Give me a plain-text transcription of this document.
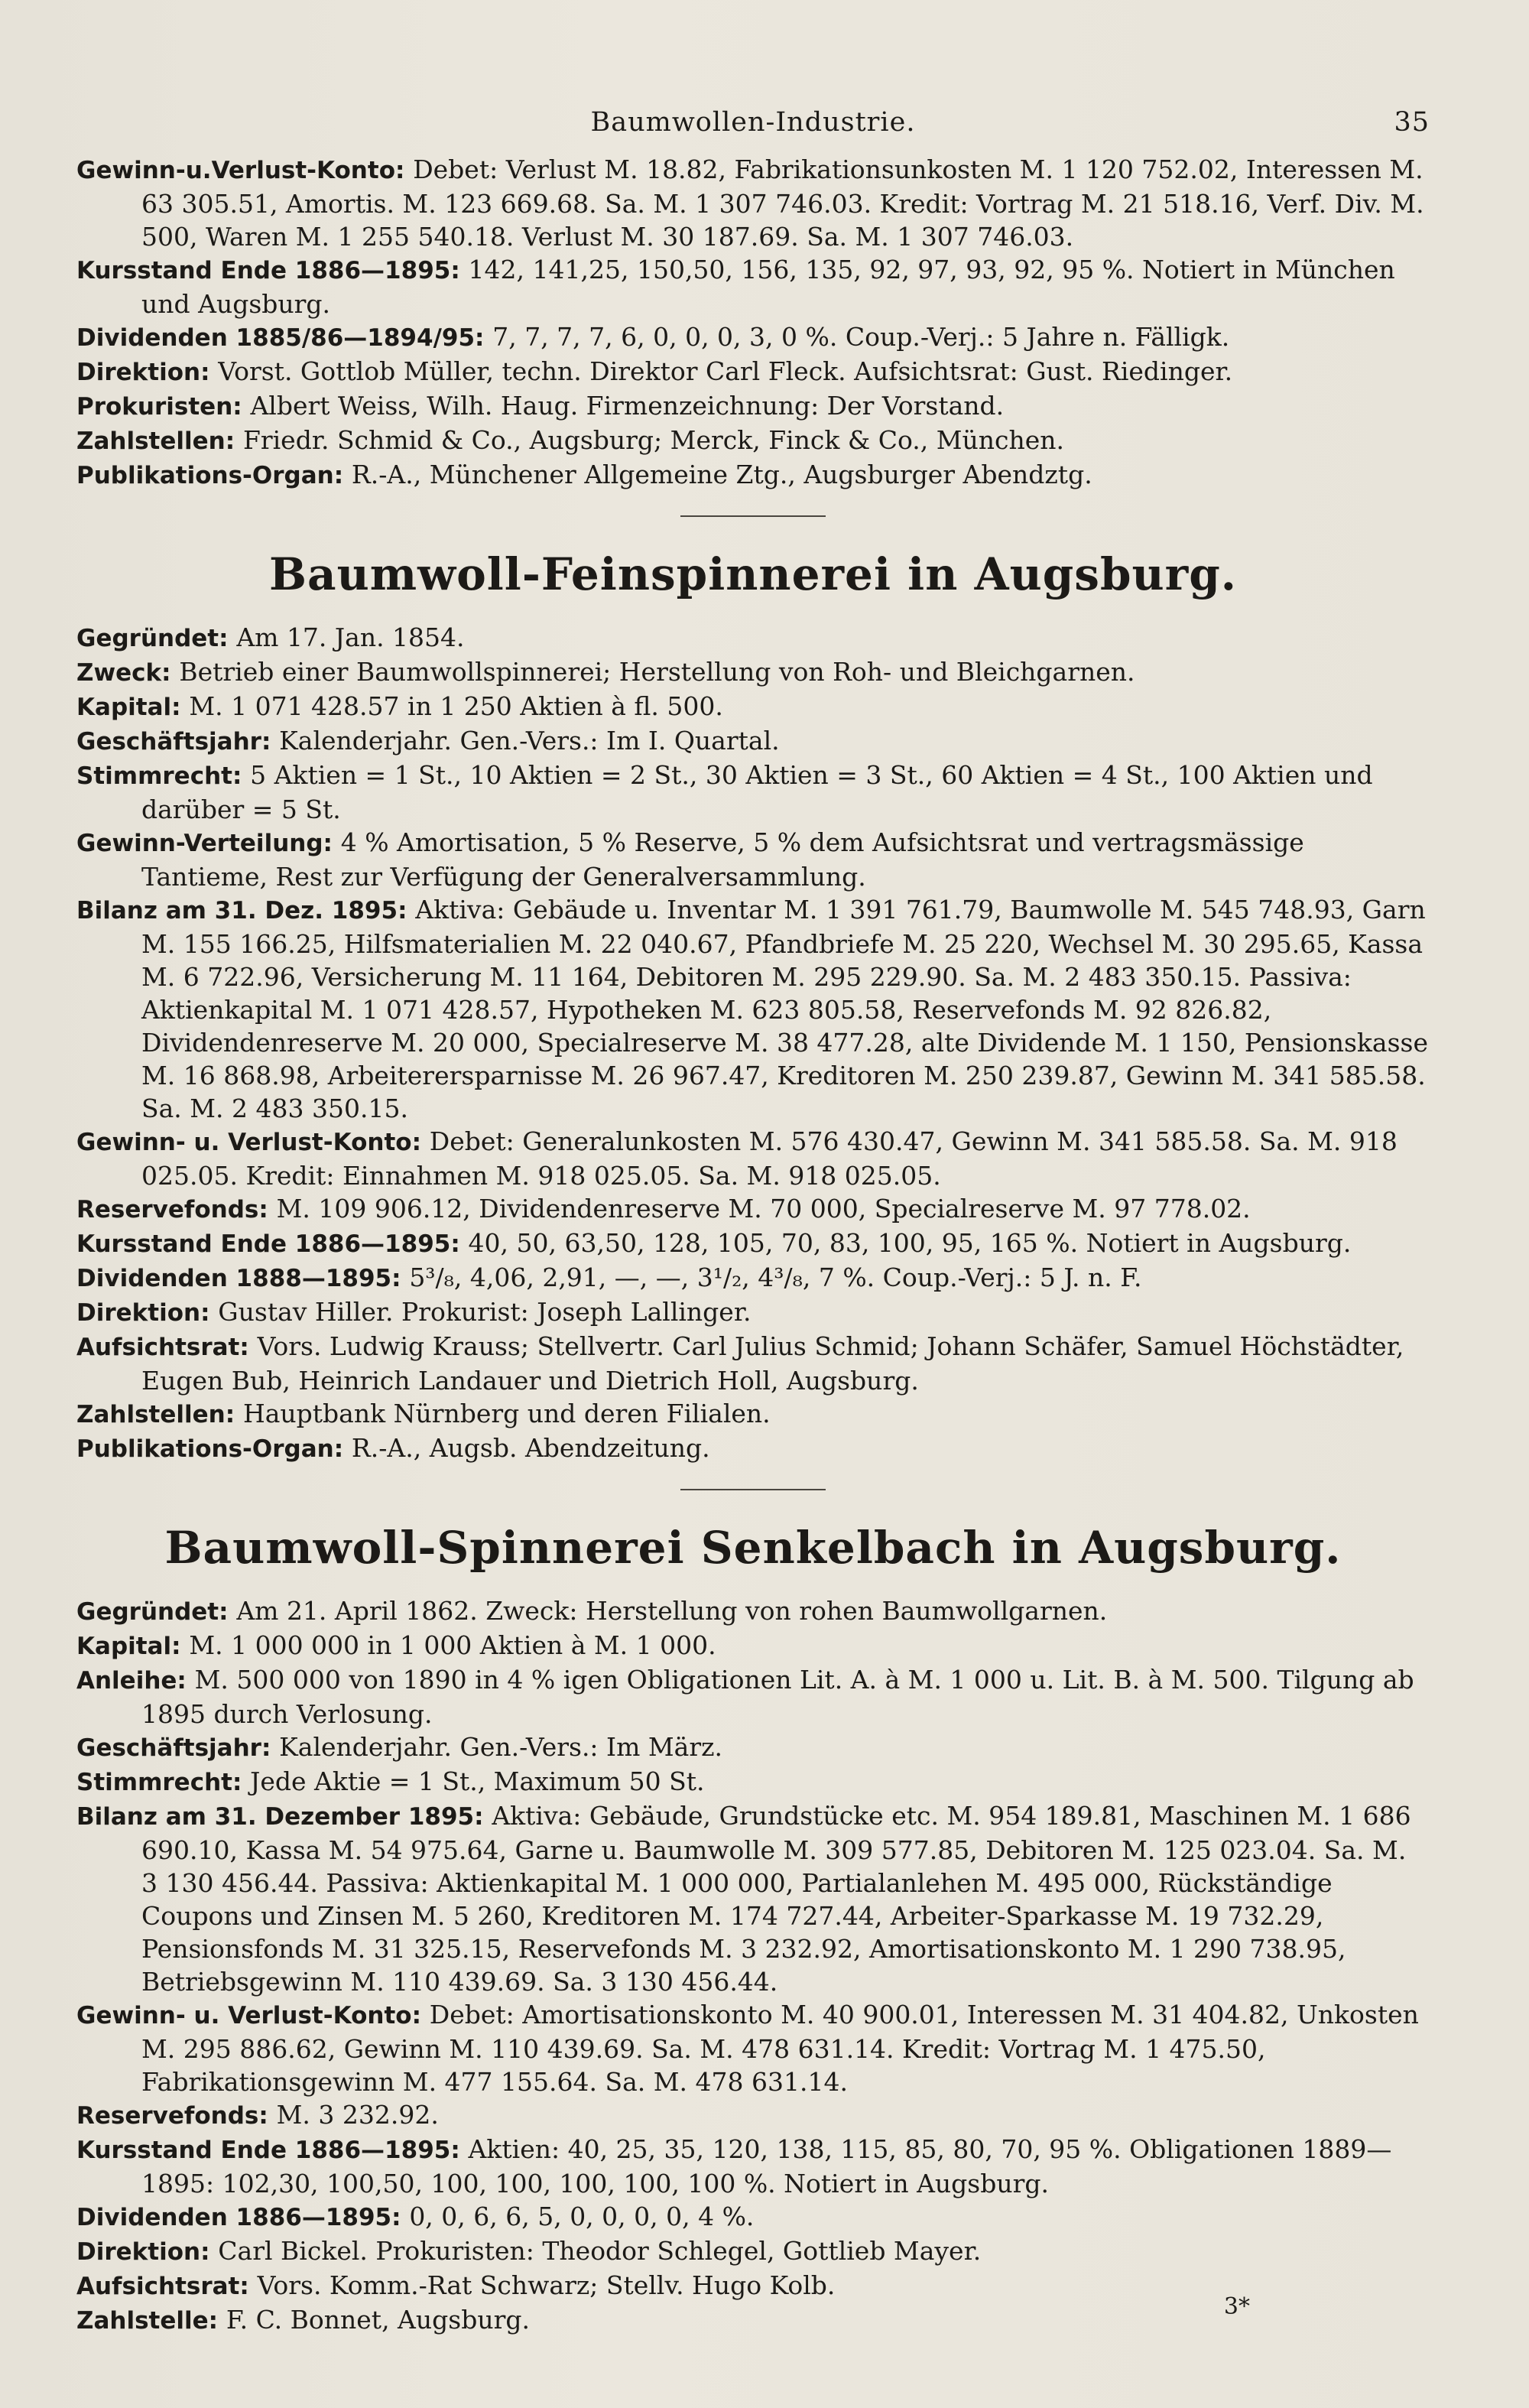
Baumwollen-Industrie.	35

Gewinn-u.Verlust-Konto: Debet: Verlust M. 18.82, Fabrikationsunkosten M. 1 120 752.02, Interessen M. 63 305.51, Amortis. M. 123 669.68. Sa. M. 1 307 746.03. Kredit: Vortrag M. 21 518.16, Verf. Div. M. 500, Waren M. 1 255 540.18. Verlust M. 30 187.69. Sa. M. 1 307 746.03.

Kursstand Ende 1886—1895: 142, 141,25, 150,50, 156, 135, 92, 97, 93, 92, 95 %. Notiert in München und Augsburg.

Dividenden 1885/86—1894/95: 7, 7, 7, 7, 6, 0, 0, 0, 3, 0 %. Coup.-Verj.: 5 Jahre n. Fälligk.

Direktion: Vorst. Gottlob Müller, techn. Direktor Carl Fleck. Aufsichtsrat: Gust. Riedinger.

Prokuristen: Albert Weiss, Wilh. Haug. Firmenzeichnung: Der Vorstand.

Zahlstellen: Friedr. Schmid & Co., Augsburg; Merck, Finck & Co., München.

Publikations-Organ: R.-A., Münchener Allgemeine Ztg., Augsburger Abendztg.

Baumwoll-Feinspinnerei in Augsburg.

Gegründet: Am 17. Jan. 1854.

Zweck: Betrieb einer Baumwollspinnerei; Herstellung von Roh- und Bleichgarnen.

Kapital: M. 1 071 428.57 in 1 250 Aktien à fl. 500.

Geschäftsjahr: Kalenderjahr. Gen.-Vers.: Im I. Quartal.

Stimmrecht: 5 Aktien = 1 St., 10 Aktien = 2 St., 30 Aktien = 3 St., 60 Aktien = 4 St., 100 Aktien und darüber = 5 St.

Gewinn-Verteilung: 4 % Amortisation, 5 % Reserve, 5 % dem Aufsichtsrat und vertragsmässige Tantieme, Rest zur Verfügung der Generalversammlung.

Bilanz am 31. Dez. 1895: Aktiva: Gebäude u. Inventar M. 1 391 761.79, Baumwolle M. 545 748.93, Garn M. 155 166.25, Hilfsmaterialien M. 22 040.67, Pfandbriefe M. 25 220, Wechsel M. 30 295.65, Kassa M. 6 722.96, Versicherung M. 11 164, Debitoren M. 295 229.90. Sa. M. 2 483 350.15. Passiva: Aktienkapital M. 1 071 428.57, Hypotheken M. 623 805.58, Reservefonds M. 92 826.82, Dividendenreserve M. 20 000, Specialreserve M. 38 477.28, alte Dividende M. 1 150, Pensionskasse M. 16 868.98, Arbeiterersparnisse M. 26 967.47, Kreditoren M. 250 239.87, Gewinn M. 341 585.58. Sa. M. 2 483 350.15.

Gewinn- u. Verlust-Konto: Debet: Generalunkosten M. 576 430.47, Gewinn M. 341 585.58. Sa. M. 918 025.05. Kredit: Einnahmen M. 918 025.05. Sa. M. 918 025.05.

Reservefonds: M. 109 906.12, Dividendenreserve M. 70 000, Specialreserve M. 97 778.02.

Kursstand Ende 1886—1895: 40, 50, 63,50, 128, 105, 70, 83, 100, 95, 165 %. Notiert in Augsburg.

Dividenden 1888—1895: 5³/₈, 4,06, 2,91, —, —, 3¹/₂, 4³/₈, 7 %. Coup.-Verj.: 5 J. n. F.

Direktion: Gustav Hiller. Prokurist: Joseph Lallinger.

Aufsichtsrat: Vors. Ludwig Krauss; Stellvertr. Carl Julius Schmid; Johann Schäfer, Samuel Höchstädter, Eugen Bub, Heinrich Landauer und Dietrich Holl, Augsburg.

Zahlstellen: Hauptbank Nürnberg und deren Filialen.

Publikations-Organ: R.-A., Augsb. Abendzeitung.

Baumwoll-Spinnerei Senkelbach in Augsburg.

Gegründet: Am 21. April 1862. Zweck: Herstellung von rohen Baumwollgarnen.

Kapital: M. 1 000 000 in 1 000 Aktien à M. 1 000.

Anleihe: M. 500 000 von 1890 in 4 % igen Obligationen Lit. A. à M. 1 000 u. Lit. B. à M. 500. Tilgung ab 1895 durch Verlosung.

Geschäftsjahr: Kalenderjahr. Gen.-Vers.: Im März.

Stimmrecht: Jede Aktie = 1 St., Maximum 50 St.

Bilanz am 31. Dezember 1895: Aktiva: Gebäude, Grundstücke etc. M. 954 189.81, Maschinen M. 1 686 690.10, Kassa M. 54 975.64, Garne u. Baumwolle M. 309 577.85, Debitoren M. 125 023.04. Sa. M. 3 130 456.44. Passiva: Aktienkapital M. 1 000 000, Partialanlehen M. 495 000, Rückständige Coupons und Zinsen M. 5 260, Kreditoren M. 174 727.44, Arbeiter-Sparkasse M. 19 732.29, Pensionsfonds M. 31 325.15, Reservefonds M. 3 232.92, Amortisationskonto M. 1 290 738.95, Betriebsgewinn M. 110 439.69. Sa. 3 130 456.44.

Gewinn- u. Verlust-Konto: Debet: Amortisationskonto M. 40 900.01, Interessen M. 31 404.82, Unkosten M. 295 886.62, Gewinn M. 110 439.69. Sa. M. 478 631.14. Kredit: Vortrag M. 1 475.50, Fabrikationsgewinn M. 477 155.64. Sa. M. 478 631.14.

Reservefonds: M. 3 232.92.

Kursstand Ende 1886—1895: Aktien: 40, 25, 35, 120, 138, 115, 85, 80, 70, 95 %. Obligationen 1889—1895: 102,30, 100,50, 100, 100, 100, 100, 100 %. Notiert in Augsburg.

Dividenden 1886—1895: 0, 0, 6, 6, 5, 0, 0, 0, 0, 4 %.

Direktion: Carl Bickel. Prokuristen: Theodor Schlegel, Gottlieb Mayer.

Aufsichtsrat: Vors. Komm.-Rat Schwarz; Stellv. Hugo Kolb.

Zahlstelle: F. C. Bonnet, Augsburg.	3*
